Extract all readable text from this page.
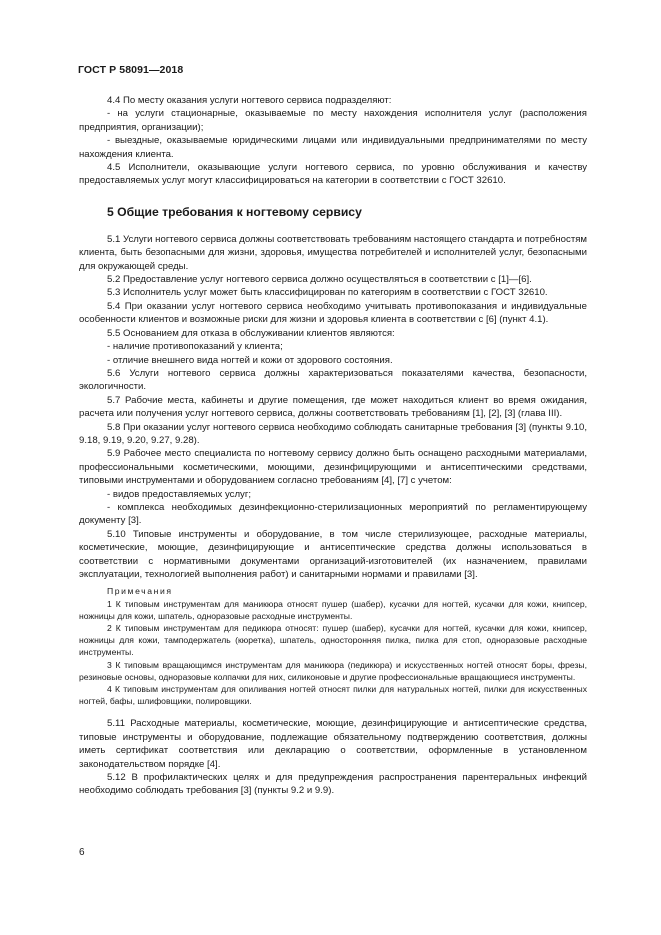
ГОСТ Р 58091—2018

4.4 По месту оказания услуги ногтевого сервиса подразделяют:

- на услуги стационарные, оказываемые по месту нахождения исполнителя услуг (расположения предприятия, организации);

- выездные, оказываемые юридическими лицами или индивидуальными предпринимателями по месту нахождения клиента.

4.5 Исполнители, оказывающие услуги ногтевого сервиса, по уровню обслуживания и качеству предоставляемых услуг могут классифицироваться на категории в соответствии с ГОСТ 32610.

5 Общие требования к ногтевому сервису

5.1 Услуги ногтевого сервиса должны соответствовать требованиям настоящего стандарта и потребностям клиента, быть безопасными для жизни, здоровья, имущества потребителей и исполнителей услуг, безопасными для окружающей среды.

5.2 Предоставление услуг ногтевого сервиса должно осуществляться в соответствии с [1]—[6].

5.3 Исполнитель услуг может быть классифицирован по категориям в соответствии с ГОСТ 32610.

5.4 При оказании услуг ногтевого сервиса необходимо учитывать противопоказания и индивидуальные особенности клиентов и возможные риски для жизни и здоровья клиента в соответствии с [6] (пункт 4.1).

5.5 Основанием для отказа в обслуживании клиентов являются:

- наличие противопоказаний у клиента;

- отличие внешнего вида ногтей и кожи от здорового состояния.

5.6 Услуги ногтевого сервиса должны характеризоваться показателями качества, безопасности, экологичности.

5.7 Рабочие места, кабинеты и другие помещения, где может находиться клиент во время ожидания, расчета или получения услуг ногтевого сервиса, должны соответствовать требованиям [1], [2], [3] (глава III).

5.8 При оказании услуг ногтевого сервиса необходимо соблюдать санитарные требования [3] (пункты 9.10, 9.18, 9.19, 9.20, 9.27, 9.28).

5.9 Рабочее место специалиста по ногтевому сервису должно быть оснащено расходными материалами, профессиональными косметическими, моющими, дезинфицирующими и антисептическими средствами, типовыми инструментами и оборудованием согласно требованиям [4], [7] с учетом:

- видов предоставляемых услуг;

- комплекса необходимых дезинфекционно-стерилизационных мероприятий по регламентирующему документу [3].

5.10 Типовые инструменты и оборудование, в том числе стерилизующее, расходные материалы, косметические, моющие, дезинфицирующие и антисептические средства должны использоваться в соответствии с нормативными документами организаций-изготовителей (их назначением, правилами эксплуатации, технологией выполнения работ) и санитарными нормами и правилами [3].

Примечания

1 К типовым инструментам для маникюра относят пушер (шабер), кусачки для ногтей, кусачки для кожи, книпсер, ножницы для кожи, шпатель, одноразовые расходные инструменты.

2 К типовым инструментам для педикюра относят: пушер (шабер), кусачки для ногтей, кусачки для кожи, книпсер, ножницы для кожи, тамподержатель (кюретка), шпатель, односторонняя пилка, пилка для стоп, одноразовые расходные инструменты.

3 К типовым вращающимся инструментам для маникюра (педикюра) и искусственных ногтей относят боры, фрезы, резиновые основы, одноразовые колпачки для них, силиконовые и другие профессиональные вращающиеся инструменты.

4 К типовым инструментам для опиливания ногтей относят пилки для натуральных ногтей, пилки для искусственных ногтей, бафы, шлифовщики, полировщики.

5.11 Расходные материалы, косметические, моющие, дезинфицирующие и антисептические средства, типовые инструменты и оборудование, подлежащие обязательному подтверждению соответствия, должны иметь сертификат соответствия или декларацию о соответствии, оформленные в установленном законодательством порядке [4].

5.12 В профилактических целях и для предупреждения распространения парентеральных инфекций необходимо соблюдать требования [3] (пункты 9.2 и 9.9).

6
